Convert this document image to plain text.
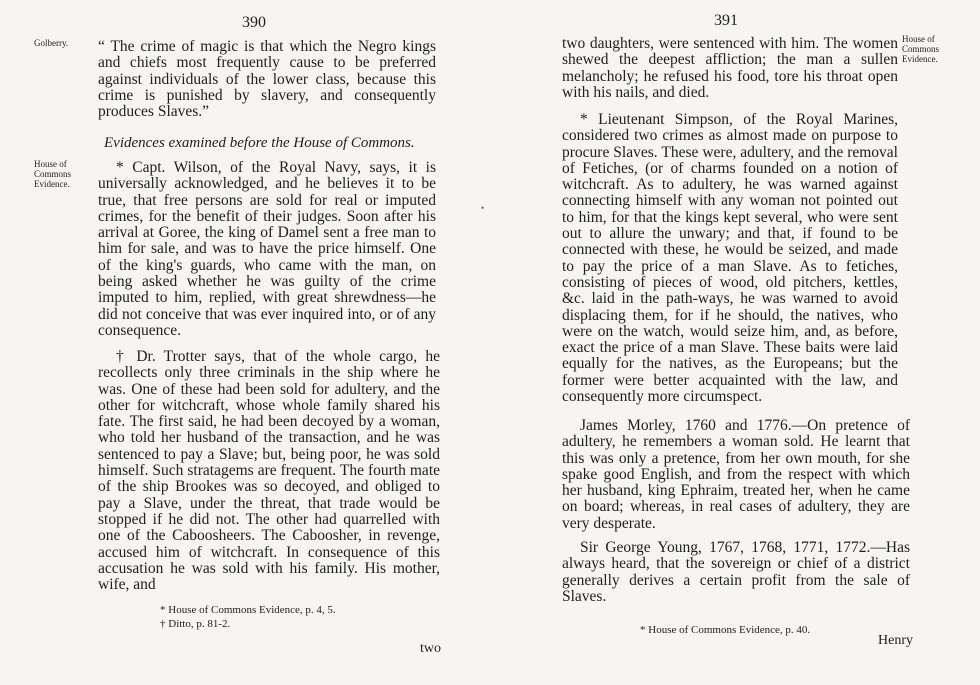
390
Golberry.	“ The crime of magic is that which the Negro kings and chiefs most frequently cause to be preferred against individuals of the lower class, because this crime is punished by slavery, and consequently produces Slaves.”

Evidences examined before the House of Commons.

House of Commons Evidence.

* Capt. Wilson, of the Royal Navy, says, it is universally acknowledged, and he believes it to be true, that free persons are sold for real or imputed crimes, for the benefit of their judges. Soon after his arrival at Goree, the king of Damel sent a free man to him for sale, and was to have the price himself. One of the king's guards, who came with the man, on being asked whether he was guilty of the crime imputed to him, replied, with great shrewdness—he did not conceive that was ever inquired into, or of any consequence.

† Dr. Trotter says, that of the whole cargo, he recollects only three criminals in the ship where he was. One of these had been sold for adultery, and the other for witchcraft, whose whole family shared his fate. The first said, he had been decoyed by a woman, who told her husband of the transaction, and he was sentenced to pay a Slave; but, being poor, he was sold himself. Such stratagems are frequent. The fourth mate of the ship Brookes was so decoyed, and obliged to pay a Slave, under the threat, that trade would be stopped if he did not. The other had quarrelled with one of the Caboosheers. The Caboosher, in revenge, accused him of witchcraft. In consequence of this accusation he was sold with his family. His mother, wife, and

* House of Commons Evidence, p. 4, 5.

† Ditto, p. 81-2.

two
•
391
House of Commons Evidence.

two daughters, were sentenced with him. The women shewed the deepest affliction; the man a sullen melancholy; he refused his food, tore his throat open with his nails, and died.

* Lieutenant Simpson, of the Royal Marines, considered two crimes as almost made on purpose to procure Slaves. These were, adultery, and the removal of Fetiches, (or of charms founded on a notion of witchcraft. As to adultery, he was warned against connecting himself with any woman not pointed out to him, for that the kings kept several, who were sent out to allure the unwary; and that, if found to be connected with these, he would be seized, and made to pay the price of a man Slave. As to fetiches, consisting of pieces of wood, old pitchers, kettles, &c. laid in the path-ways, he was warned to avoid displacing them, for if he should, the natives, who were on the watch, would seize him, and, as before, exact the price of a man Slave. These baits were laid equally for the natives, as the Europeans; but the former were better acquainted with the law, and consequently more circumspect.

James Morley, 1760 and 1776.—On pretence of adultery, he remembers a woman sold. He learnt that this was only a pretence, from her own mouth, for she spake good English, and from the respect with which her husband, king Ephraim, treated her, when he came on board; whereas, in real cases of adultery, they are very desperate.

Sir George Young, 1767, 1768, 1771, 1772.—Has always heard, that the sovereign or chief of a district generally derives a certain profit from the sale of Slaves.

* House of Commons Evidence, p. 40.

Henry
